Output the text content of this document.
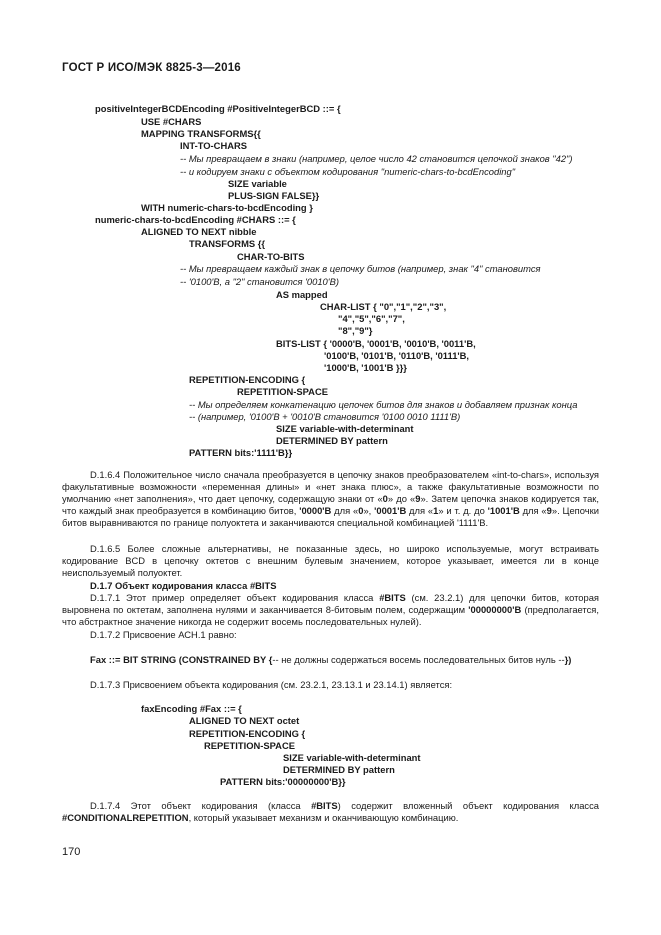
ГОСТ Р ИСО/МЭК 8825-3—2016
positiveIntegerBCDEncoding #PositiveIntegerBCD ::= {
USE #CHARS
MAPPING TRANSFORMS{{
INT-TO-CHARS
-- Мы превращаем в знаки (например, целое число 42 становится цепочкой знаков "42")
-- и кодируем знаки с объектом кодирования "numeric-chars-to-bcdEncoding"
SIZE variable
PLUS-SIGN FALSE}}
WITH numeric-chars-to-bcdEncoding }
numeric-chars-to-bcdEncoding #CHARS ::= {
ALIGNED TO NEXT nibble
TRANSFORMS {{
CHAR-TO-BITS
-- Мы превращаем каждый знак в цепочку битов (например, знак "4" становится
-- '0100'B, а "2" становится '0010'B)
AS mapped
CHAR-LIST { "0","1","2","3",
"4","5","6","7",
"8","9"}
BITS-LIST { '0000'B, '0001'B, '0010'B, '0011'B,
'0100'B, '0101'B, '0110'B, '0111'B,
'1000'B, '1001'B }}}
REPETITION-ENCODING {
REPETITION-SPACE
-- Мы определяем конкатенацию цепочек битов для знаков и добавляем признак конца
-- (например, '0100'B + '0010'B становится '0100 0010 1111'B)
SIZE variable-with-determinant
DETERMINED BY pattern
PATTERN bits:'1111'B}}

D.1.6.4 Положительное число сначала преобразуется в цепочку знаков преобразователем «int-to-chars», используя факультативные возможности «переменная длины» и «нет знака плюс», а также факультативные возможности по умолчанию «нет заполнения», что дает цепочку, содержащую знаки от «0» до «9». Затем цепочка знаков кодируется так, что каждый знак преобразуется в комбинацию битов, '0000'B для «0», '0001'B для «1» и т. д. до '1001'B для «9». Цепочки битов выравниваются по границе полуоктета и заканчиваются специальной комбинацией '1111'B.

D.1.6.5 Более сложные альтернативы, не показанные здесь, но широко используемые, могут встраивать кодирование BCD в цепочку октетов с внешним булевым значением, которое указывает, имеется ли в конце неиспользуемый полуоктет.

D.1.7 Объект кодирования класса #BITS

D.1.7.1 Этот пример определяет объект кодирования класса #BITS (см. 23.2.1) для цепочки битов, которая выровнена по октетам, заполнена нулями и заканчивается 8-битовым полем, содержащим '00000000'B (предполагается, что абстрактное значение никогда не содержит восемь последовательных нулей).

D.1.7.2 Присвоение АСН.1 равно:

Fax ::= BIT STRING (CONSTRAINED BY {-- не должны содержаться восемь последовательных битов нуль --})

D.1.7.3 Присвоением объекта кодирования (см. 23.2.1, 23.13.1 и 23.14.1) является:

faxEncoding #Fax ::= {
ALIGNED TO NEXT octet
REPETITION-ENCODING {
REPETITION-SPACE
SIZE variable-with-determinant
DETERMINED BY pattern
PATTERN bits:'00000000'B}}

D.1.7.4 Этот объект кодирования (класса #BITS) содержит вложенный объект кодирования класса #CONDITIONALREPETITION, который указывает механизм и оканчивающую комбинацию.

170
